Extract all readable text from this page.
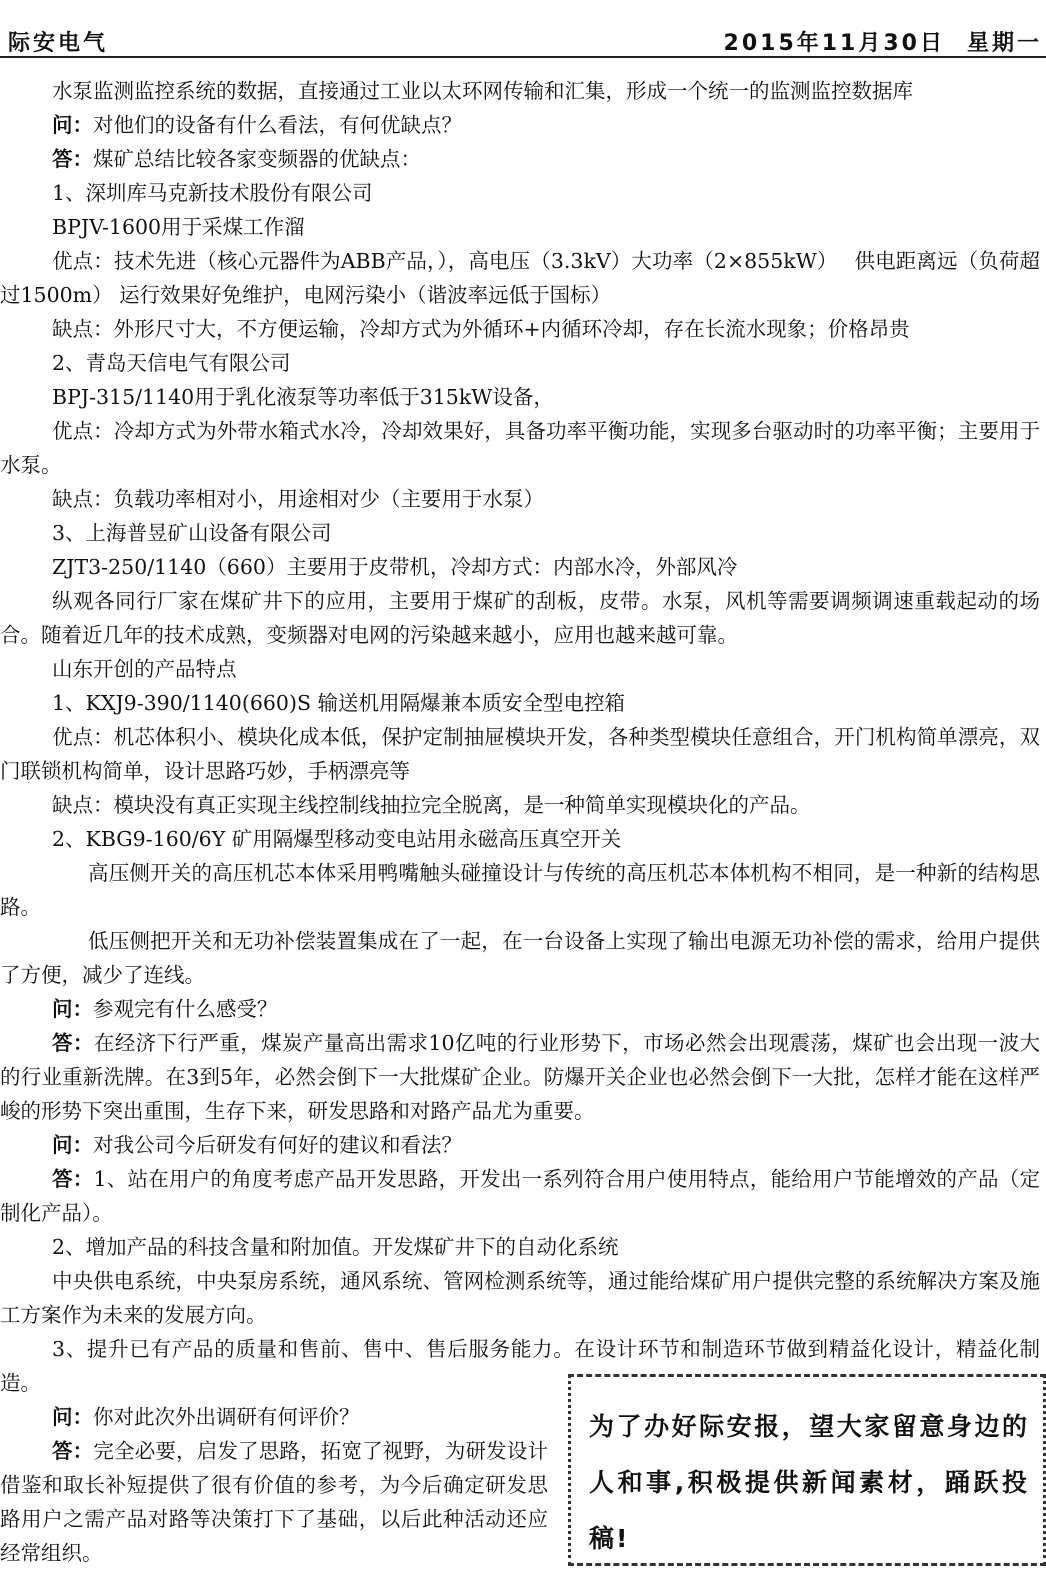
际安电气	2015年11月30日 星期一

水泵监测监控系统的数据，直接通过工业以太环网传输和汇集，形成一个统一的监测监控数据库

问：对他们的设备有什么看法，有何优缺点？

答：煤矿总结比较各家变频器的优缺点：

1、深圳库马克新技术股份有限公司

BPJV-1600用于采煤工作溜

优点：技术先进（核心元器件为ABB产品，），高电压（3.3kV）大功率（2×855kW）　 供电距离远（负荷超过1500m） 运行效果好免维护，电网污染小（谐波率远低于国标）

缺点：外形尺寸大，不方便运输，冷却方式为外循环+内循环冷却，存在长流水现象；价格昂贵

2、青岛天信电气有限公司

BPJ-315/1140用于乳化液泵等功率低于315kW设备，

优点：冷却方式为外带水箱式水冷，冷却效果好，具备功率平衡功能，实现多台驱动时的功率平衡；主要用于水泵。

缺点：负载功率相对小，用途相对少（主要用于水泵）

3、上海普昱矿山设备有限公司

ZJT3-250/1140（660）主要用于皮带机，冷却方式：内部水冷，外部风冷

纵观各同行厂家在煤矿井下的应用，主要用于煤矿的刮板，皮带。水泵，风机等需要调频调速重载起动的场合。随着近几年的技术成熟，变频器对电网的污染越来越小，应用也越来越可靠。

山东开创的产品特点

1、KXJ9-390/1140(660)S 输送机用隔爆兼本质安全型电控箱

优点：机芯体积小、模块化成本低，保护定制抽屉模块开发，各种类型模块任意组合，开门机构简单漂亮，双门联锁机构简单，设计思路巧妙，手柄漂亮等

缺点：模块没有真正实现主线控制线抽拉完全脱离，是一种简单实现模块化的产品。

2、KBG9-160/6Y 矿用隔爆型移动变电站用永磁高压真空开关

高压侧开关的高压机芯本体采用鸭嘴触头碰撞设计与传统的高压机芯本体机构不相同，是一种新的结构思路。

低压侧把开关和无功补偿装置集成在了一起，在一台设备上实现了输出电源无功补偿的需求，给用户提供了方便，减少了连线。

问：参观完有什么感受？

答：在经济下行严重，煤炭产量高出需求10亿吨的行业形势下，市场必然会出现震荡，煤矿也会出现一波大的行业重新洗牌。在3到5年，必然会倒下一大批煤矿企业。防爆开关企业也必然会倒下一大批，怎样才能在这样严峻的形势下突出重围，生存下来，研发思路和对路产品尤为重要。

问：对我公司今后研发有何好的建议和看法？

答：1、站在用户的角度考虑产品开发思路，开发出一系列符合用户使用特点，能给用户节能增效的产品（定制化产品）。

2、增加产品的科技含量和附加值。开发煤矿井下的自动化系统

中央供电系统，中央泵房系统，通风系统、管网检测系统等，通过能给煤矿用户提供完整的系统解决方案及施工方案作为未来的发展方向。

3、提升已有产品的质量和售前、售中、售后服务能力。在设计环节和制造环节做到精益化设计，精益化制造。

问：你对此次外出调研有何评价？

答：完全必要，启发了思路，拓宽了视野，为研发设计借鉴和取长补短提供了很有价值的参考，为今后确定研发思路用户之需产品对路等决策打下了基础，以后此种活动还应经常组织。

为了办好际安报，望大家留意身边的人和事,积极提供新闻素材，踊跃投稿!
